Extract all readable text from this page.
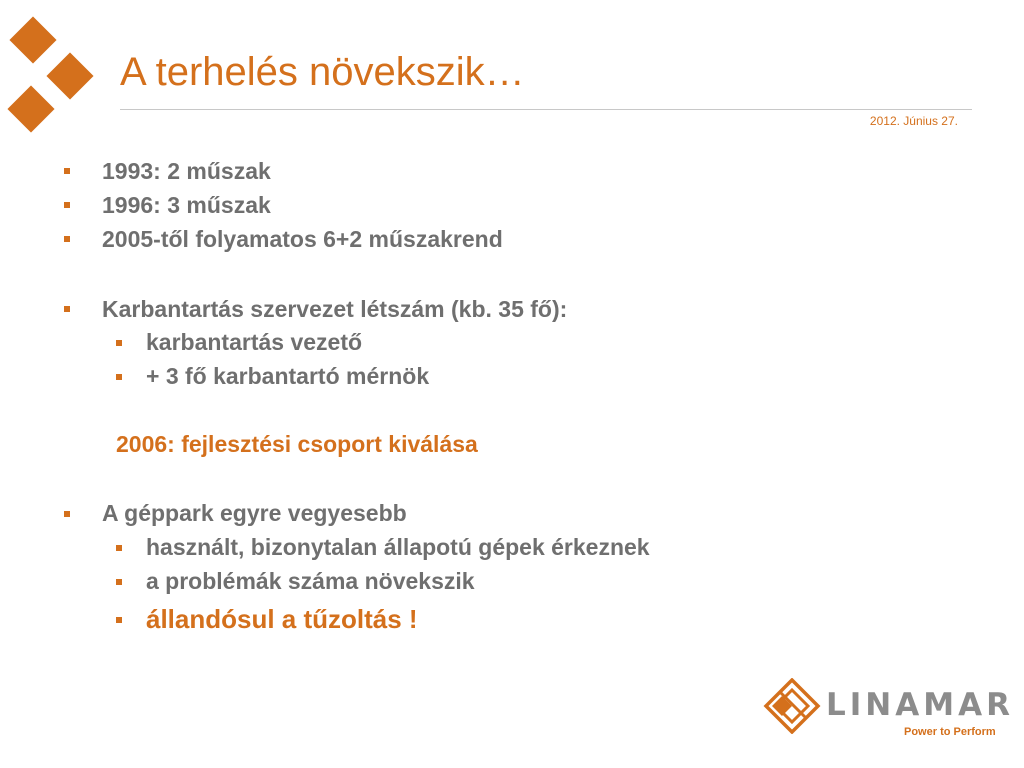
A terhelés növekszik…
2012. Június 27.
1993: 2 műszak
1996: 3 műszak
2005-től folyamatos 6+2 műszakrend
Karbantartás szervezet létszám (kb. 35 fő):
karbantartás vezető
+ 3 fő karbantartó mérnök
2006: fejlesztési csoport kiválása
A géppark egyre vegyesebb
használt, bizonytalan állapotú gépek érkeznek
a problémák száma növekszik
állandósul a tűzoltás !
LINAMAR
Power to Perform
